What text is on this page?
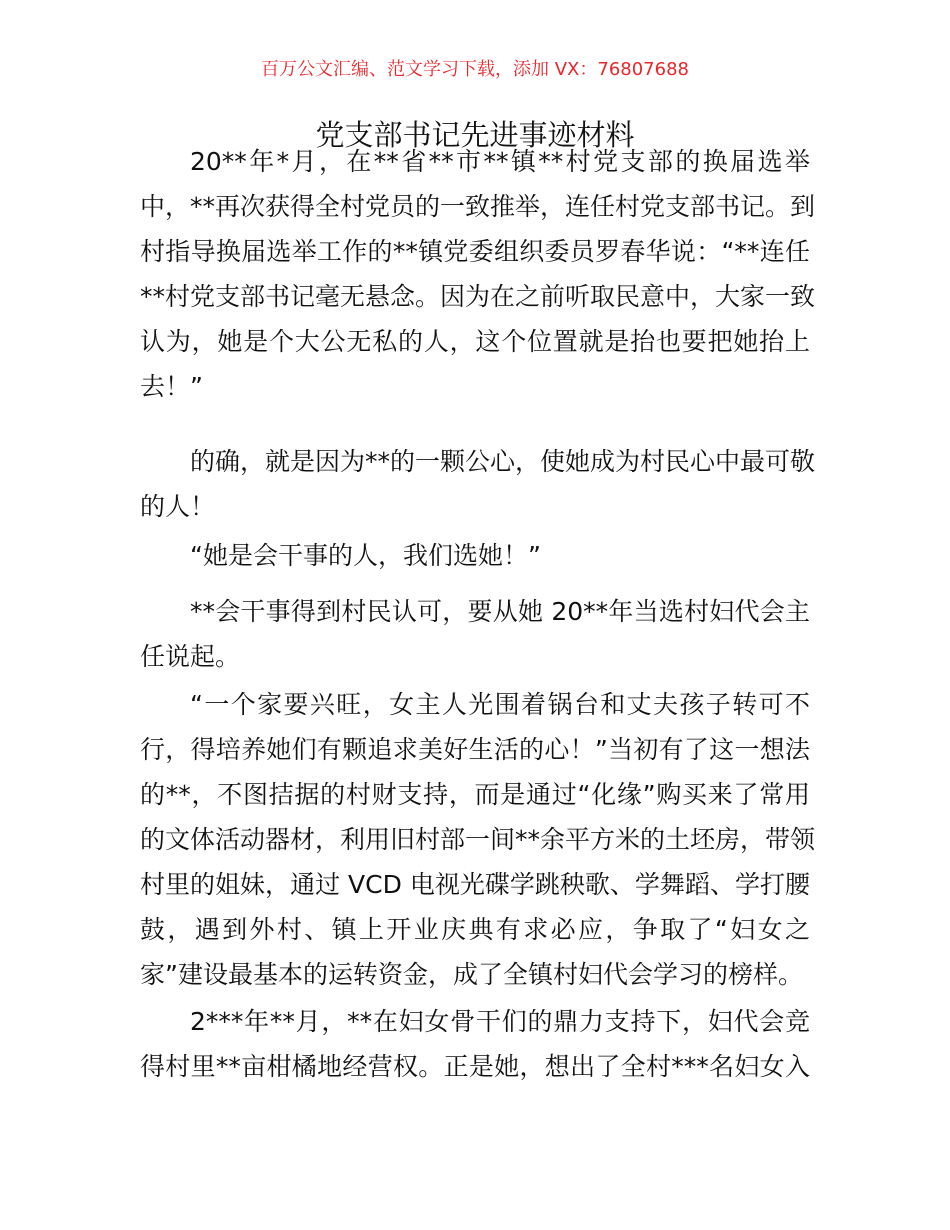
百万公文汇编、范文学习下载，添加 VX：76807688
党支部书记先进事迹材料
20**年*月，在**省**市**镇**村党支部的换届选举
中，**再次获得全村党员的一致推举，连任村党支部书记。到
村指导换届选举工作的**镇党委组织委员罗春华说：“**连任
**村党支部书记毫无悬念。因为在之前听取民意中，大家一致
认为，她是个大公无私的人，这个位置就是抬也要把她抬上
去！”
的确，就是因为**的一颗公心，使她成为村民心中最可敬
的人！
“她是会干事的人，我们选她！”
**会干事得到村民认可，要从她 20**年当选村妇代会主
任说起。
“一个家要兴旺，女主人光围着锅台和丈夫孩子转可不
行，得培养她们有颗追求美好生活的心！”当初有了这一想法
的**，不图拮据的村财支持，而是通过“化缘”购买来了常用
的文体活动器材，利用旧村部一间**余平方米的土坯房，带领
村里的姐妹，通过 VCD 电视光碟学跳秧歌、学舞蹈、学打腰
鼓，遇到外村、镇上开业庆典有求必应，争取了“妇女之
家”建设最基本的运转资金，成了全镇村妇代会学习的榜样。
2***年**月，**在妇女骨干们的鼎力支持下，妇代会竞
得村里**亩柑橘地经营权。正是她，想出了全村***名妇女入
